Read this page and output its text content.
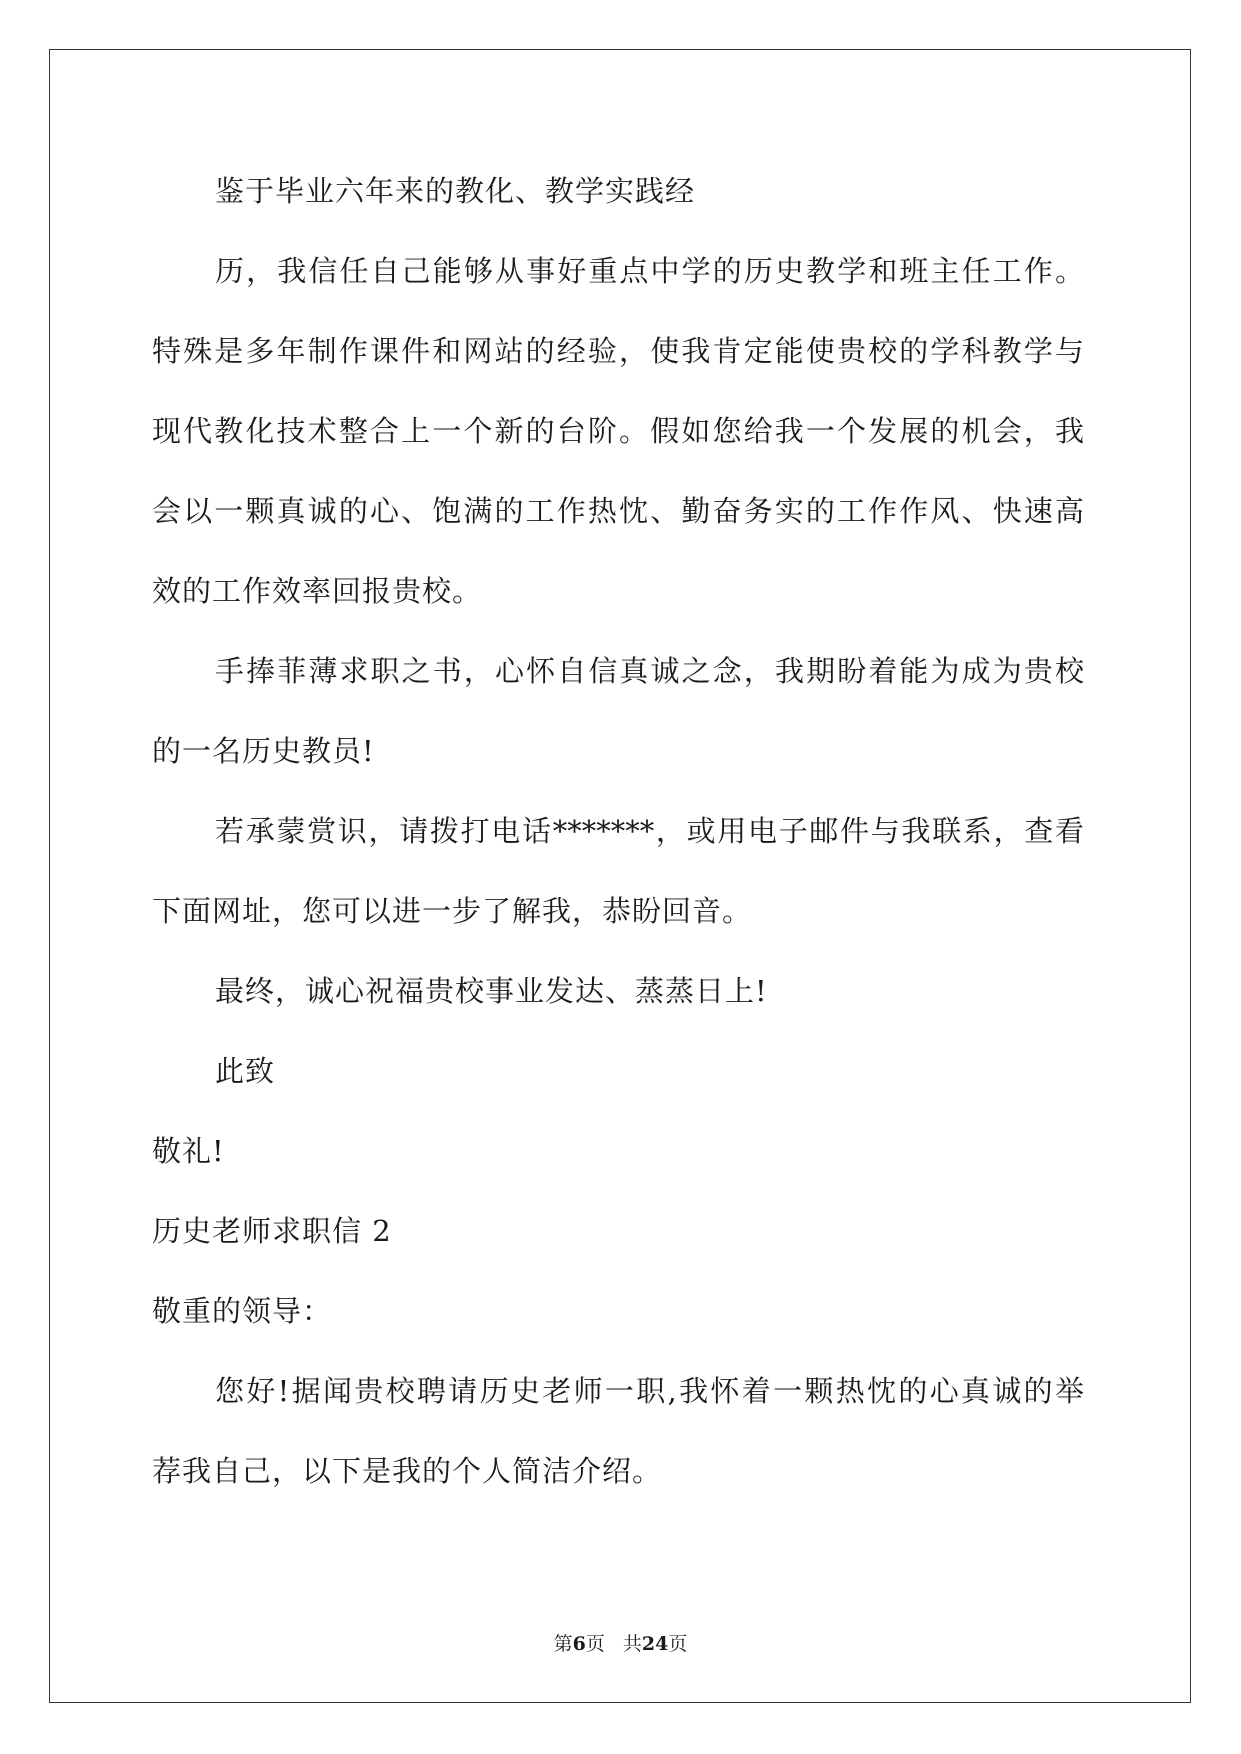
鉴于毕业六年来的教化、教学实践经
历，我信任自己能够从事好重点中学的历史教学和班主任工作。
特殊是多年制作课件和网站的经验，使我肯定能使贵校的学科教学与
现代教化技术整合上一个新的台阶。假如您给我一个发展的机会，我
会以一颗真诚的心、饱满的工作热忱、勤奋务实的工作作风、快速高
效的工作效率回报贵校。
手捧菲薄求职之书，心怀自信真诚之念，我期盼着能为成为贵校
的一名历史教员!
若承蒙赏识，请拨打电话*******，或用电子邮件与我联系，查看
下面网址，您可以进一步了解我，恭盼回音。
最终，诚心祝福贵校事业发达、蒸蒸日上!
此致
敬礼!
历史老师求职信 2
敬重的领导：
您好!据闻贵校聘请历史老师一职,我怀着一颗热忱的心真诚的举
荐我自己，以下是我的个人简洁介绍。
第6页 共24页
